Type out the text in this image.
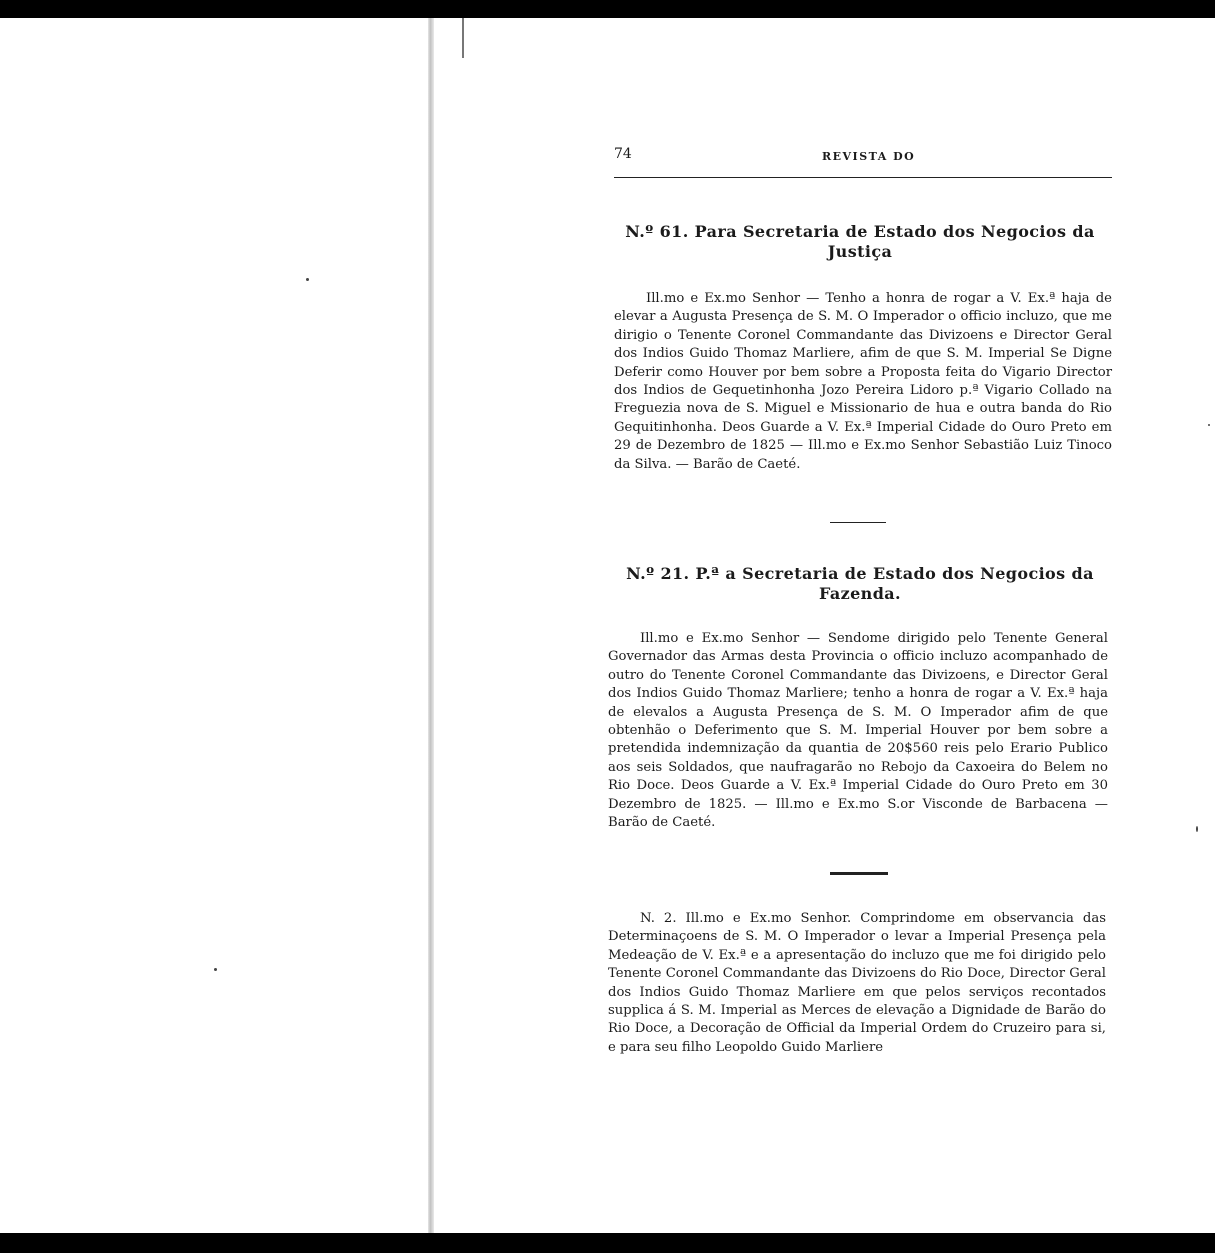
74	REVISTA DO
N.º 61. Para Secretaria de Estado dos Negocios da Justiça

Ill.mo e Ex.mo Senhor — Tenho a honra de rogar a V. Ex.ª haja de elevar a Augusta Presença de S. M. O Imperador o officio incluzo, que me dirigio o Tenente Coronel Commandante das Divizoens e Director Geral dos Indios Guido Thomaz Marliere, afim de que S. M. Imperial Se Digne Deferir como Houver por bem sobre a Proposta feita do Vigario Director dos Indios de Gequetinhonha Jozo Pereira Lidoro p.ª Vigario Collado na Freguezia nova de S. Miguel e Missionario de hua e outra banda do Rio Gequitinhonha. Deos Guarde a V. Ex.ª Imperial Cidade do Ouro Preto em 29 de Dezembro de 1825 — Ill.mo e Ex.mo Senhor Sebastião Luiz Tinoco da Silva. — Barão de Caeté.

N.º 21. P.ª a Secretaria de Estado dos Negocios da Fazenda.

Ill.mo e Ex.mo Senhor — Sendome dirigido pelo Tenente General Governador das Armas desta Provincia o officio incluzo acompanhado de outro do Tenente Coronel Commandante das Divizoens, e Director Geral dos Indios Guido Thomaz Marliere; tenho a honra de rogar a V. Ex.ª haja de elevalos a Augusta Presença de S. M. O Imperador afim de que obtenhão o Deferimento que S. M. Imperial Houver por bem sobre a pretendida indemnização da quantia de 20$560 reis pelo Erario Publico aos seis Soldados, que naufragarão no Rebojo da Caxoeira do Belem no Rio Doce. Deos Guarde a V. Ex.ª Imperial Cidade do Ouro Preto em 30 Dezembro de 1825. — Ill.mo e Ex.mo S.or Visconde de Barbacena — Barão de Caeté.

N. 2. Ill.mo e Ex.mo Senhor. Comprindome em observancia das Determinaçoens de S. M. O Imperador o levar a Imperial Presença pela Medeação de V. Ex.ª e a apresentação do incluzo que me foi dirigido pelo Tenente Coronel Commandante das Divizoens do Rio Doce, Director Geral dos Indios Guido Thomaz Marliere em que pelos serviços recontados supplica á S. M. Imperial as Merces de elevação a Dignidade de Barão do Rio Doce, a Decoração de Official da Imperial Ordem do Cruzeiro para si, e para seu filho Leopoldo Guido Marliere
